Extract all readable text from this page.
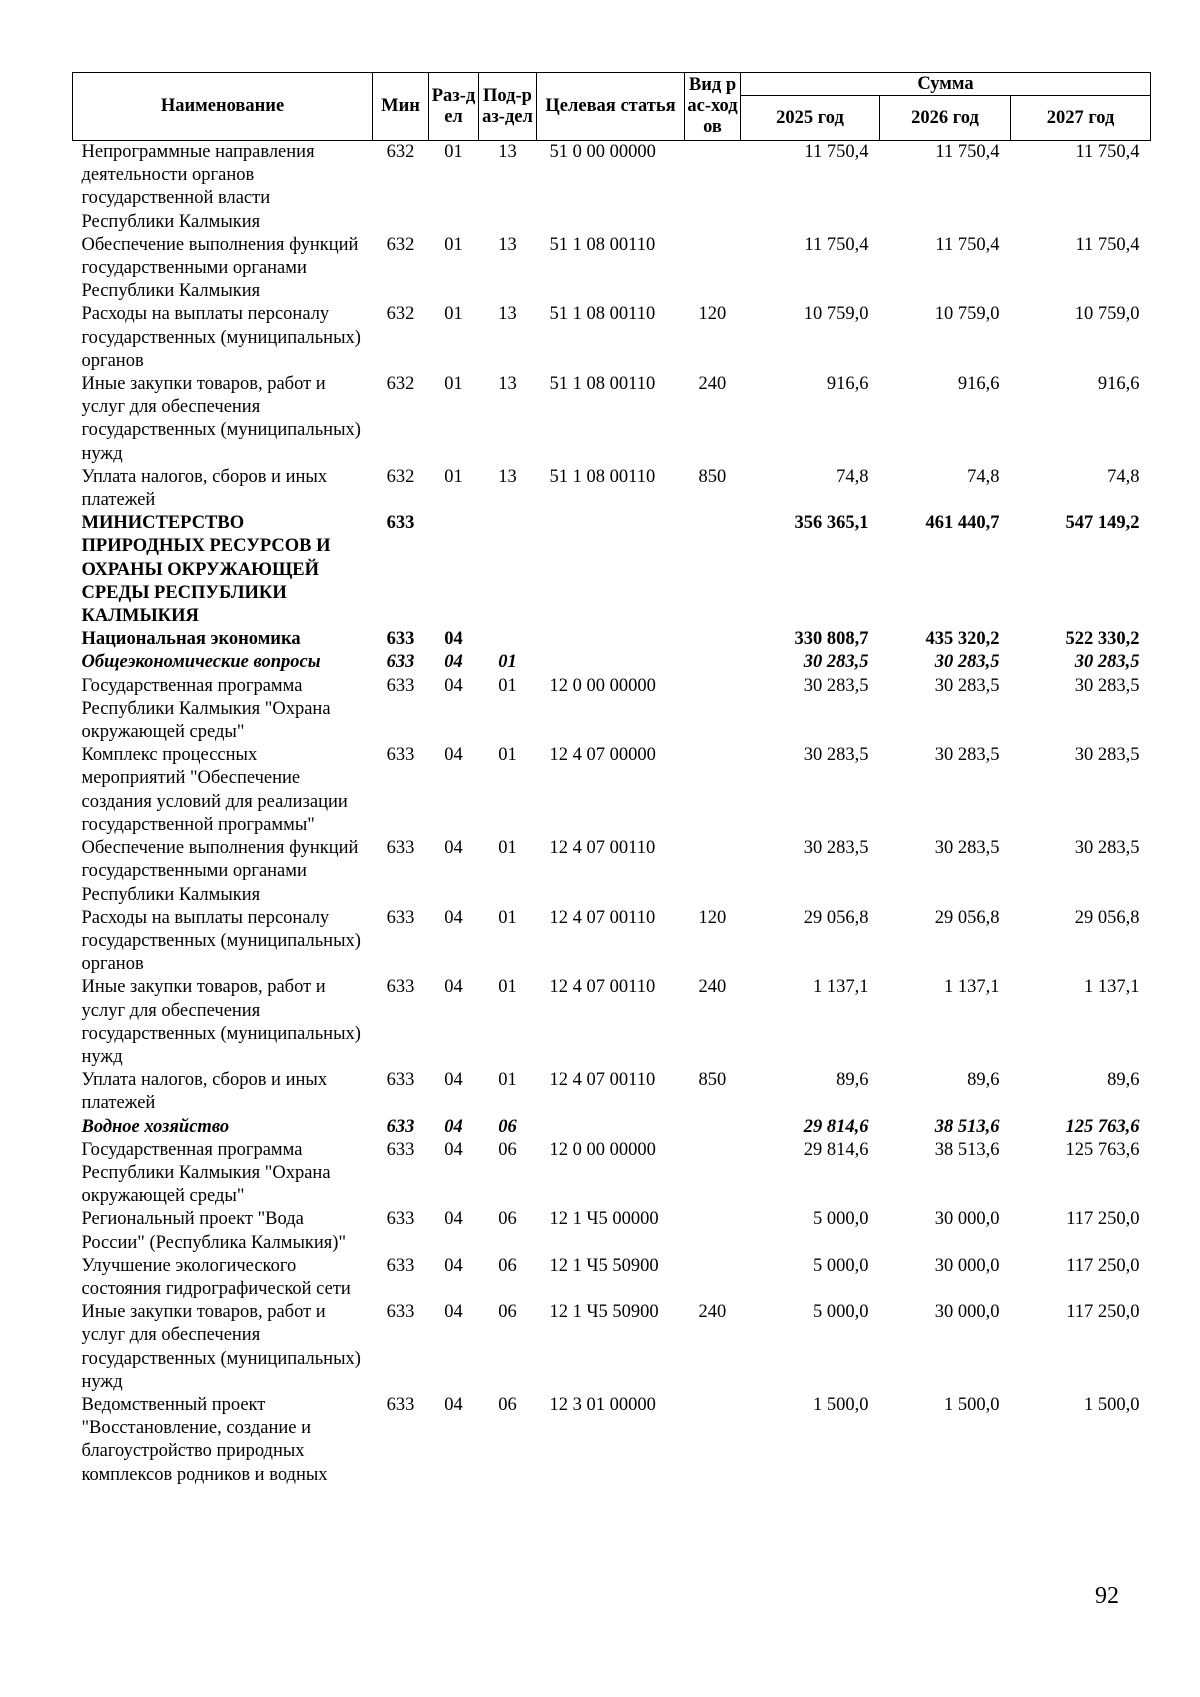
Наименование	Мин	Раз-дел	Под-раз-дел	Целевая статья	Вид рас-ходов	Сумма		
						2025 год	2026 год	2027 год
Непрограммные направления деятельности органов государственной власти Республики Калмыкия	632	01	13	51 0 00 00000		11 750,4	11 750,4	11 750,4
Обеспечение выполнения функций государственными органами Республики Калмыкия	632	01	13	51 1 08 00110		11 750,4	11 750,4	11 750,4
Расходы на выплаты персоналу государственных (муниципальных) органов	632	01	13	51 1 08 00110	120	10 759,0	10 759,0	10 759,0
Иные закупки товаров, работ и услуг для обеспечения государственных (муниципальных) нужд	632	01	13	51 1 08 00110	240	916,6	916,6	916,6
Уплата налогов, сборов и иных платежей	632	01	13	51 1 08 00110	850	74,8	74,8	74,8
МИНИСТЕРСТВО ПРИРОДНЫХ РЕСУРСОВ И ОХРАНЫ ОКРУЖАЮЩЕЙ СРЕДЫ РЕСПУБЛИКИ КАЛМЫКИЯ	633					356 365,1	461 440,7	547 149,2
Национальная экономика	633	04				330 808,7	435 320,2	522 330,2
Общеэкономические вопросы	633	04	01			30 283,5	30 283,5	30 283,5
Государственная программа Республики Калмыкия "Охрана окружающей среды"	633	04	01	12 0 00 00000		30 283,5	30 283,5	30 283,5
Комплекс процессных мероприятий "Обеспечение создания условий для реализации государственной программы"	633	04	01	12 4 07 00000		30 283,5	30 283,5	30 283,5
Обеспечение выполнения функций государственными органами Республики Калмыкия	633	04	01	12 4 07 00110		30 283,5	30 283,5	30 283,5
Расходы на выплаты персоналу государственных (муниципальных) органов	633	04	01	12 4 07 00110	120	29 056,8	29 056,8	29 056,8
Иные закупки товаров, работ и услуг для обеспечения государственных (муниципальных) нужд	633	04	01	12 4 07 00110	240	1 137,1	1 137,1	1 137,1
Уплата налогов, сборов и иных платежей	633	04	01	12 4 07 00110	850	89,6	89,6	89,6
Водное хозяйство	633	04	06			29 814,6	38 513,6	125 763,6
Государственная программа Республики Калмыкия "Охрана окружающей среды"	633	04	06	12 0 00 00000		29 814,6	38 513,6	125 763,6
Региональный проект "Вода России" (Республика Калмыкия)"	633	04	06	12 1 Ч5 00000		5 000,0	30 000,0	117 250,0
Улучшение экологического состояния гидрографической сети	633	04	06	12 1 Ч5 50900		5 000,0	30 000,0	117 250,0
Иные закупки товаров, работ и услуг для обеспечения государственных (муниципальных) нужд	633	04	06	12 1 Ч5 50900	240	5 000,0	30 000,0	117 250,0
Ведомственный проект "Восстановление, создание и благоустройство природных комплексов родников и водных	633	04	06	12 3 01 00000		1 500,0	1 500,0	1 500,0
92
